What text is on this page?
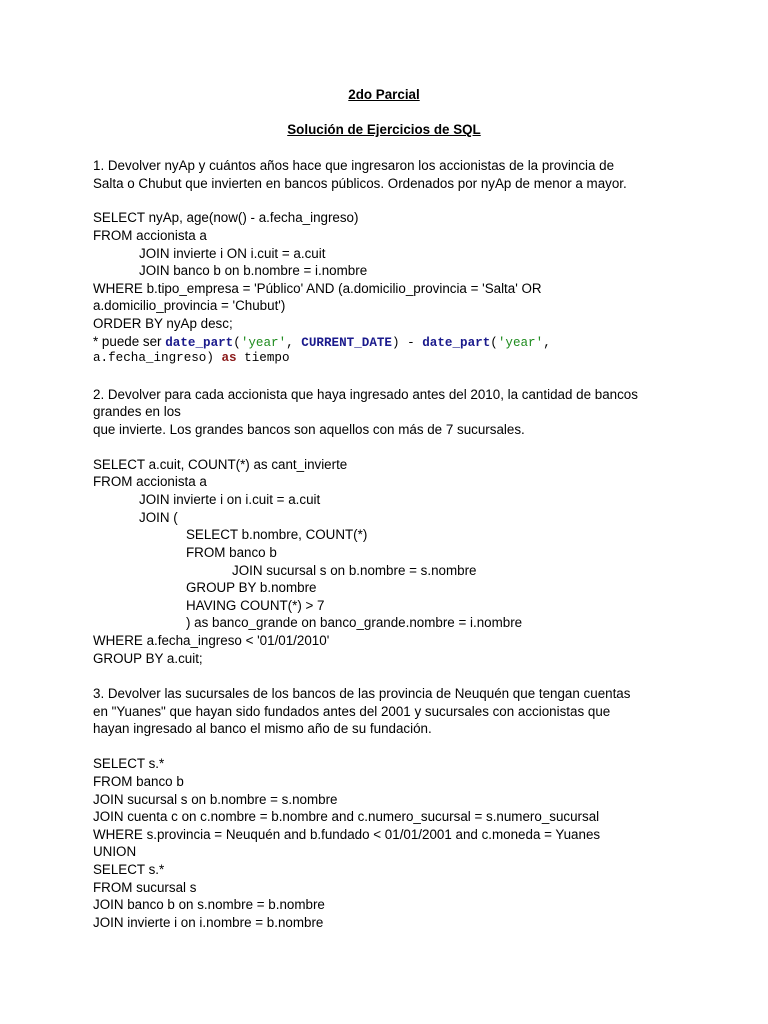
2do Parcial
Solución de Ejercicios de SQL
1. Devolver nyAp y cuántos años hace que ingresaron los accionistas de la provincia de
Salta o Chubut que invierten en bancos públicos. Ordenados por nyAp de menor a mayor.
SELECT nyAp, age(now() - a.fecha_ingreso)
FROM accionista a
JOIN invierte i ON i.cuit = a.cuit
JOIN banco b on b.nombre = i.nombre
WHERE b.tipo_empresa = 'Público' AND (a.domicilio_provincia = 'Salta' OR
a.domicilio_provincia = 'Chubut')
ORDER BY nyAp desc;
* puede ser date_part('year', CURRENT_DATE) - date_part('year',
a.fecha_ingreso) as tiempo
2. Devolver para cada accionista que haya ingresado antes del 2010, la cantidad de bancos
grandes en los
que invierte. Los grandes bancos son aquellos con más de 7 sucursales.
SELECT a.cuit, COUNT(*) as cant_invierte
FROM accionista a
JOIN invierte i on i.cuit = a.cuit
JOIN (
SELECT b.nombre, COUNT(*)
FROM banco b
JOIN sucursal s on b.nombre = s.nombre
GROUP BY b.nombre
HAVING COUNT(*) > 7
) as banco_grande on banco_grande.nombre = i.nombre
WHERE a.fecha_ingreso < '01/01/2010'
GROUP BY a.cuit;
3. Devolver las sucursales de los bancos de las provincia de Neuquén que tengan cuentas
en "Yuanes" que hayan sido fundados antes del 2001 y sucursales con accionistas que
hayan ingresado al banco el mismo año de su fundación.
SELECT s.*
FROM banco b
JOIN sucursal s on b.nombre = s.nombre
JOIN cuenta c on c.nombre = b.nombre and c.numero_sucursal = s.numero_sucursal
WHERE s.provincia = Neuquén and b.fundado < 01/01/2001 and c.moneda = Yuanes
UNION
SELECT s.*
FROM sucursal s
JOIN banco b on s.nombre = b.nombre
JOIN invierte i on i.nombre = b.nombre
